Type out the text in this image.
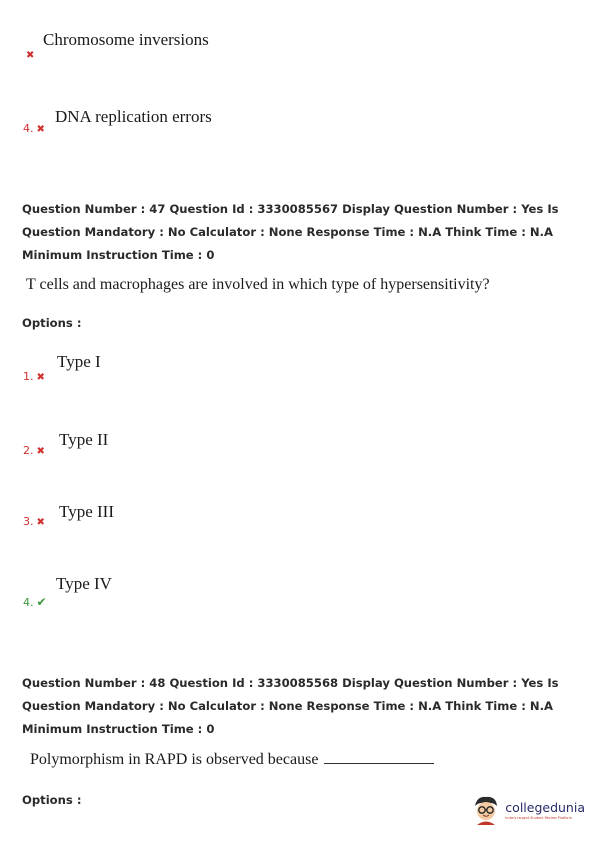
Chromosome inversions
✖
DNA replication errors
4. ✖
Question Number : 47 Question Id : 3330085567 Display Question Number : Yes Is Question Mandatory : No Calculator : None Response Time : N.A Think Time : N.A Minimum Instruction Time : 0
T cells and macrophages are involved in which type of hypersensitivity?
Options :
Type I
1. ✖
Type II
2. ✖
Type III
3. ✖
Type IV
4. ✔
Question Number : 48 Question Id : 3330085568 Display Question Number : Yes Is Question Mandatory : No Calculator : None Response Time : N.A Think Time : N.A Minimum Instruction Time : 0
Polymorphism in RAPD is observed because
Options :	collegedunia
India's largest Student Review Platform
